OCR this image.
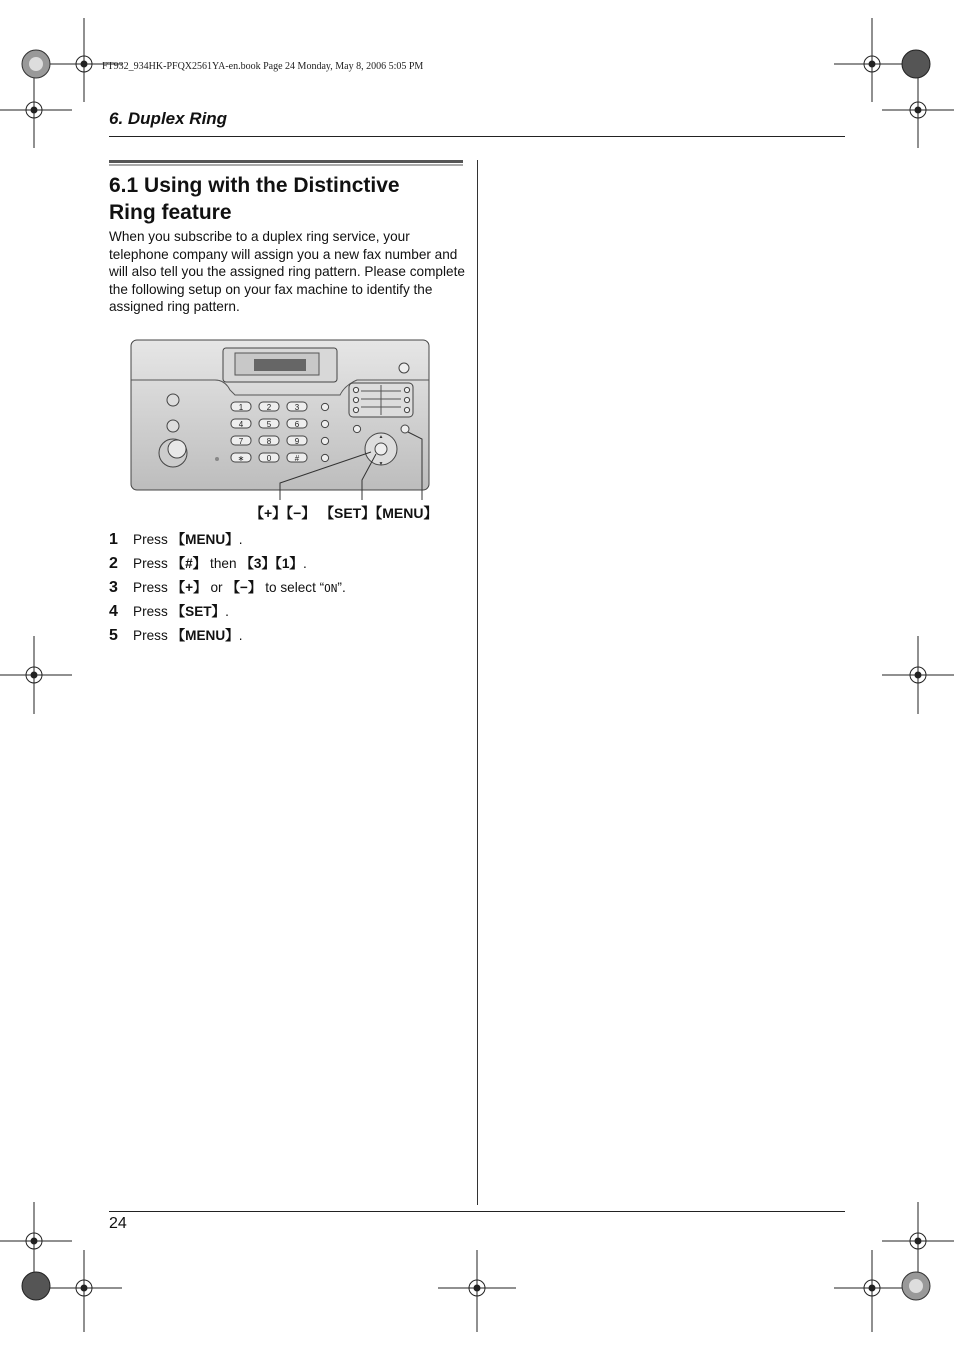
FT932_934HK-PFQX2561YA-en.book Page 24 Monday, May 8, 2006 5:05 PM
6. Duplex Ring
6.1 Using with the Distinctive
Ring feature
When you subscribe to a duplex ring service, your telephone company will assign you a new fax number and will also tell you the assigned ring pattern. Please complete the following setup on your fax machine to identify the assigned ring pattern.
1	2	3
4	5	6
7	8	9
∗	0	#
▲
▼
【+】【−】 【SET】【MENU】
1	Press 【MENU】.
2	Press 【#】 then 【3】【1】.
3	Press 【+】 or 【−】 to select “ON”.
4	Press 【SET】.
5	Press 【MENU】.
24
